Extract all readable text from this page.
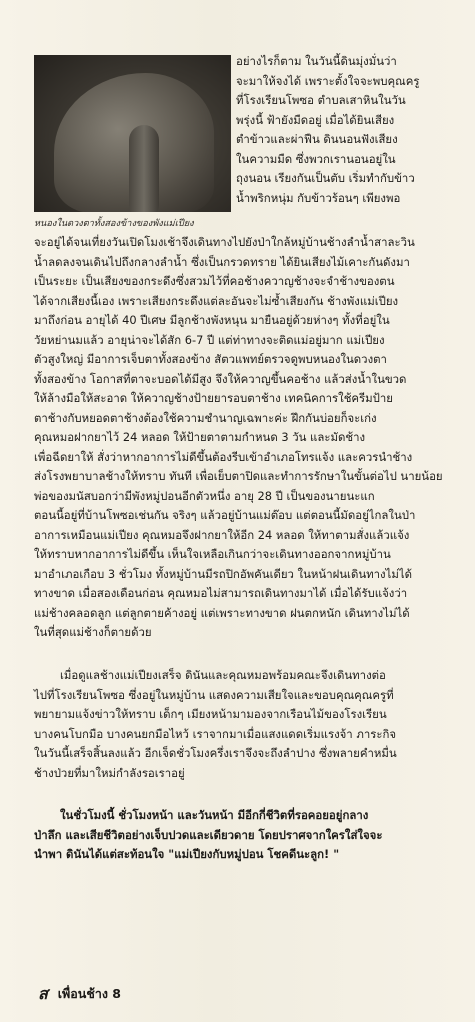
หนองในดวงตาทั้งสองข้างของพังแม่เปียง
อย่างไรก็ตาม ในวันนี้ดินมุ่งมั่นว่า
จะมาให้จงได้ เพราะตั้งใจจะพบคุณครู
ที่โรงเรียนโพซอ ตำบลเสาหินในวัน
พรุ่งนี้ ฟ้ายังมืดอยู่ เมื่อได้ยินเสียง
ตำข้าวและผ่าฟืน ดินนอนฟังเสียง
ในความมืด ซึ่งพวกเรานอนอยู่ใน
ถุงนอน เรียงกันเป็นตับ เริ่มทำกับข้าว
น้ำพริกหนุ่ม กับข้าวร้อนๆ เพียงพอ
จะอยู่ได้จนเที่ยงวันเปิดโมงเช้าจึงเดินทางไปยังป่าใกล้หมู่บ้านช้างลำน้ำสาละวิน
น้ำลดลงจนเดินไปถึงกลางลำน้ำ ซึ่งเป็นกรวดทราย ได้ยินเสียงไม้เคาะกันดังมา
เป็นระยะ เป็นเสียงของกระดึงซึ่งสวมไว้ที่คอช้างควาญช้างจะจำช้างของตน
ได้จากเสียงนี้เอง เพราะเสียงกระดึงแต่ละอันจะไม่ซ้ำเสียงกัน ช้างพังแม่เปียง
มาถึงก่อน อายุได้ 40 ปีเศษ มีลูกช้างพังหนุน มายืนอยู่ด้วยห่างๆ ทั้งที่อยู่ใน
วัยหย่านมแล้ว อายุน่าจะได้สัก 6-7 ปี แต่ท่าทางจะติดแม่อยู่มาก แม่เปียง
ตัวสูงใหญ่ มีอาการเจ็บตาทั้งสองข้าง สัตวแพทย์ตรวจดูพบหนองในดวงตา
ทั้งสองข้าง โอกาสที่ตาจะบอดได้มีสูง จึงให้ควาญขึ้นคอช้าง แล้วส่งน้ำในขวด
ให้ล้างมือให้สะอาด ให้ควาญช้างป้ายยารอบตาช้าง เทคนิคการใช้ครีมป้าย
ตาช้างกับหยอดตาช้างต้องใช้ความชำนาญเฉพาะค่ะ ฝึกกันบ่อยก็จะเก่ง
คุณหมอฝากยาไว้ 24 หลอด ให้ป้ายตาตามกำหนด 3 วัน และมัดช้าง
เพื่อฉีดยาให้ สั่งว่าหากอาการไม่ดีขึ้นต้องรีบเข้าอำเภอโทรแจ้ง และควรนำช้าง
ส่งโรงพยาบาลช้างให้ทราบ ทันที เพื่อเย็บตาปิดและทำการรักษาในขั้นต่อไป นายน้อย
พ่อของมนัสบอกว่ามีพังหมู่ปอนอีกตัวหนึ่ง อายุ 28 ปี เป็นของนายนะแก
ตอนนี้อยู่ที่บ้านโพซอเช่นกัน จริงๆ แล้วอยู่บ้านแม่ต๊อบ แต่ตอนนี้มัดอยู่ไกลในป่า
อาการเหมือนแม่เปียง คุณหมอจึงฝากยาให้อีก 24 หลอด ให้ทาตามสั่งแล้วแจ้ง
ให้ทราบหากอาการไม่ดีขึ้น เห็นใจเหลือเกินกว่าจะเดินทางออกจากหมู่บ้าน
มาอำเภอเกือบ 3 ชั่วโมง ทั้งหมู่บ้านมีรถปิกอัพคันเดียว ในหน้าฝนเดินทางไม่ได้
ทางขาด เมื่อสองเดือนก่อน คุณหมอไม่สามารถเดินทางมาได้ เมื่อได้รับแจ้งว่า
แม่ช้างคลอดลูก แต่ลูกตายค้างอยู่ แต่เพราะทางขาด ฝนตกหนัก เดินทางไม่ได้
ในที่สุดแม่ช้างก็ตายด้วย
เมื่อดูแลช้างแม่เปียงเสร็จ ดินันและคุณหมอพร้อมคณะจึงเดินทางต่อ
ไปที่โรงเรียนโพซอ ซึ่งอยู่ในหมู่บ้าน แสดงความเสียใจและขอบคุณคุณครูที่
พยายามแจ้งข่าวให้ทราบ เด็กๆ เมียงหน้ามามองจากเรือนไม้ของโรงเรียน
บางคนโบกมือ บางคนยกมือไหว้ เราจากมาเมื่อแสงแดดเริ่มแรงจ้า ภาระกิจ
ในวันนี้เสร็จสิ้นลงแล้ว อีกเจ็ดชั่วโมงครึ่งเราจึงจะถึงลำปาง ซึ่งพลายคำหมื่น
ช้างป่วยที่มาใหม่กำลังรอเราอยู่
ในชั่วโมงนี้ ชั่วโมงหน้า และวันหน้า มีอีกกี่ชีวิตที่รอคอยอยู่กลาง
ป่าลึก และเสียชีวิตอย่างเจ็บปวดและเดียวดาย โดยปราศจากใครใส่ใจจะ
นำพา ดินันได้แต่สะท้อนใจ "แม่เปียงกับหมู่ปอน โชคดีนะลูก! "
ส เพื่อนช้าง 8
